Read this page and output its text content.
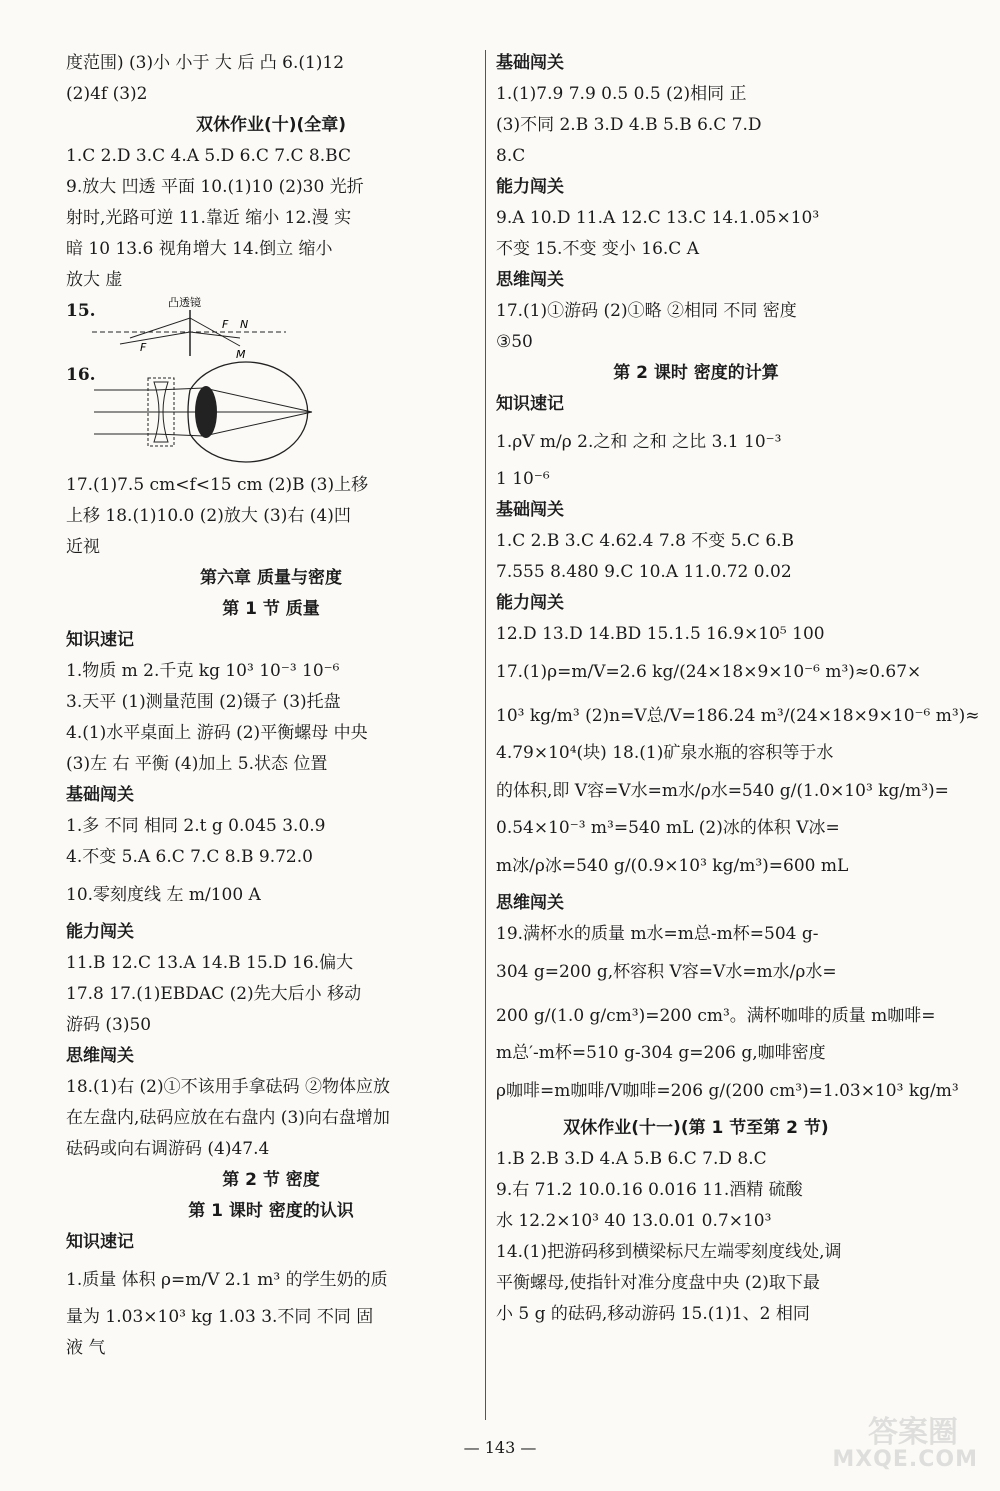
度范围) (3)小 小于 大 后 凸 6.(1)12
(2)4f (3)2
双休作业(十)(全章)
1.C 2.D 3.C 4.A 5.D 6.C 7.C 8.BC
9.放大 凹透 平面 10.(1)10 (2)30 光折
射时,光路可逆 11.靠近 缩小 12.漫 实
暗 10 13.6 视角增大 14.倒立 缩小
放大 虚
15.	凸透镜
F
F N
M
16.
17.(1)7.5 cm<f<15 cm (2)B (3)上移
上移 18.(1)10.0 (2)放大 (3)右 (4)凹
近视
第六章 质量与密度
第 1 节 质量
知识速记
1.物质 m 2.千克 kg 10³ 10⁻³ 10⁻⁶
3.天平 (1)测量范围 (2)镊子 (3)托盘
4.(1)水平桌面上 游码 (2)平衡螺母 中央
(3)左 右 平衡 (4)加上 5.状态 位置
基础闯关
1.多 不同 相同 2.t g 0.045 3.0.9
4.不变 5.A 6.C 7.C 8.B 9.72.0
10.零刻度线 左 m/100 A
能力闯关
11.B 12.C 13.A 14.B 15.D 16.偏大
17.8 17.(1)EBDAC (2)先大后小 移动
游码 (3)50
思维闯关
18.(1)右 (2)①不该用手拿砝码 ②物体应放
在左盘内,砝码应放在右盘内 (3)向右盘增加
砝码或向右调游码 (4)47.4
第 2 节 密度
第 1 课时 密度的认识
知识速记
1.质量 体积 ρ=m/V 2.1 m³ 的学生奶的质
量为 1.03×10³ kg 1.03 3.不同 不同 固
液 气
基础闯关
1.(1)7.9 7.9 0.5 0.5 (2)相同 正
(3)不同 2.B 3.D 4.B 5.B 6.C 7.D
8.C
能力闯关
9.A 10.D 11.A 12.C 13.C 14.1.05×10³
不变 15.不变 变小 16.C A
思维闯关
17.(1)①游码 (2)①略 ②相同 不同 密度
③50
第 2 课时 密度的计算
知识速记
1.ρV m/ρ 2.之和 之和 之比 3.1 10⁻³
1 10⁻⁶
基础闯关
1.C 2.B 3.C 4.62.4 7.8 不变 5.C 6.B
7.555 8.480 9.C 10.A 11.0.72 0.02
能力闯关
12.D 13.D 14.BD 15.1.5 16.9×10⁵ 100
17.(1)ρ=m/V=2.6 kg/(24×18×9×10⁻⁶ m³)≈0.67×
10³ kg/m³ (2)n=V总/V=186.24 m³/(24×18×9×10⁻⁶ m³)≈
4.79×10⁴(块) 18.(1)矿泉水瓶的容积等于水
的体积,即 V容=V水=m水/ρ水=540 g/(1.0×10³ kg/m³)=
0.54×10⁻³ m³=540 mL (2)冰的体积 V冰=
m冰/ρ冰=540 g/(0.9×10³ kg/m³)=600 mL
思维闯关
19.满杯水的质量 m水=m总-m杯=504 g-
304 g=200 g,杯容积 V容=V水=m水/ρ水=
200 g/(1.0 g/cm³)=200 cm³。满杯咖啡的质量 m咖啡=
m总′-m杯=510 g-304 g=206 g,咖啡密度
ρ咖啡=m咖啡/V咖啡=206 g/(200 cm³)=1.03×10³ kg/m³
双休作业(十一)(第 1 节至第 2 节)
1.B 2.B 3.D 4.A 5.B 6.C 7.D 8.C
9.右 71.2 10.0.16 0.016 11.酒精 硫酸
水 12.2×10³ 40 13.0.01 0.7×10³
14.(1)把游码移到横梁标尺左端零刻度线处,调
平衡螺母,使指针对准分度盘中央 (2)取下最
小 5 g 的砝码,移动游码 15.(1)1、2 相同
— 143 —	答案圈
MXQE.COM
